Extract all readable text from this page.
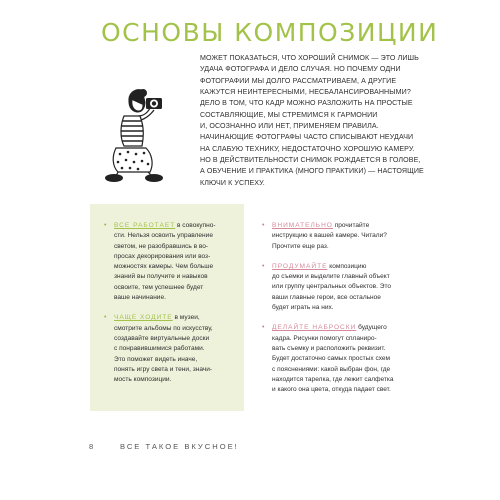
ОСНОВЫ КОМПОЗИЦИИ
МОЖЕТ ПОКАЗАТЬСЯ, ЧТО ХОРОШИЙ СНИМОК — ЭТО ЛИШЬ
УДАЧА ФОТОГРАФА И ДЕЛО СЛУЧАЯ. НО ПОЧЕМУ ОДНИ
ФОТОГРАФИИ МЫ ДОЛГО РАССМАТРИВАЕМ, А ДРУГИЕ
КАЖУТСЯ НЕИНТЕРЕСНЫМИ, НЕСБАЛАНСИРОВАННЫМИ?
ДЕЛО В ТОМ, ЧТО КАДР МОЖНО РАЗЛОЖИТЬ НА ПРОСТЫЕ
СОСТАВЛЯЮЩИЕ, МЫ СТРЕМИМСЯ К ГАРМОНИИ
И, ОСОЗНАННО ИЛИ НЕТ, ПРИМЕНЯЕМ ПРАВИЛА.
НАЧИНАЮЩИЕ ФОТОГРАФЫ ЧАСТО СПИСЫВАЮТ НЕУДАЧИ
НА СЛАБУЮ ТЕХНИКУ, НЕДОСТАТОЧНО ХОРОШУЮ КАМЕРУ.
НО В ДЕЙСТВИТЕЛЬНОСТИ СНИМОК РОЖДАЕТСЯ В ГОЛОВЕ,
А ОБУЧЕНИЕ И ПРАКТИКА (МНОГО ПРАКТИКИ) — НАСТОЯЩИЕ
КЛЮЧИ К УСПЕХУ.
• ВСЕ РАБОТАЕТ в совокупно-
сти. Нельзя освоить управление
светом, не разобравшись в во-
просах декорирования или воз-
можностях камеры. Чем больше
знаний вы получите и навыков
освоите, тем успешнее будет
ваше начинание.
• ЧАЩЕ ХОДИТЕ в музеи,
смотрите альбомы по искусству,
создавайте виртуальные доски
с понравившимися работами.
Это поможет видеть иначе,
понять игру света и тени, значи-
мость композиции.
• ВНИМАТЕЛЬНО прочитайте
инструкцию к вашей камере. Читали?
Прочтите еще раз.
• ПРОДУМАЙТЕ композицию
до съемки и выделите главный объект
или группу центральных объектов. Это
ваши главные герои, все остальное
будет играть на них.
• ДЕЛАЙТЕ НАБРОСКИ будущего
кадра. Рисунки помогут спланиро-
вать съемку и расположить реквизит.
Будет достаточно самых простых схем
с пояснениями: какой выбран фон, где
находится тарелка, где лежит салфетка
и какого она цвета, откуда падает свет.
8	ВСЕ ТАКОЕ ВКУСНОЕ!
